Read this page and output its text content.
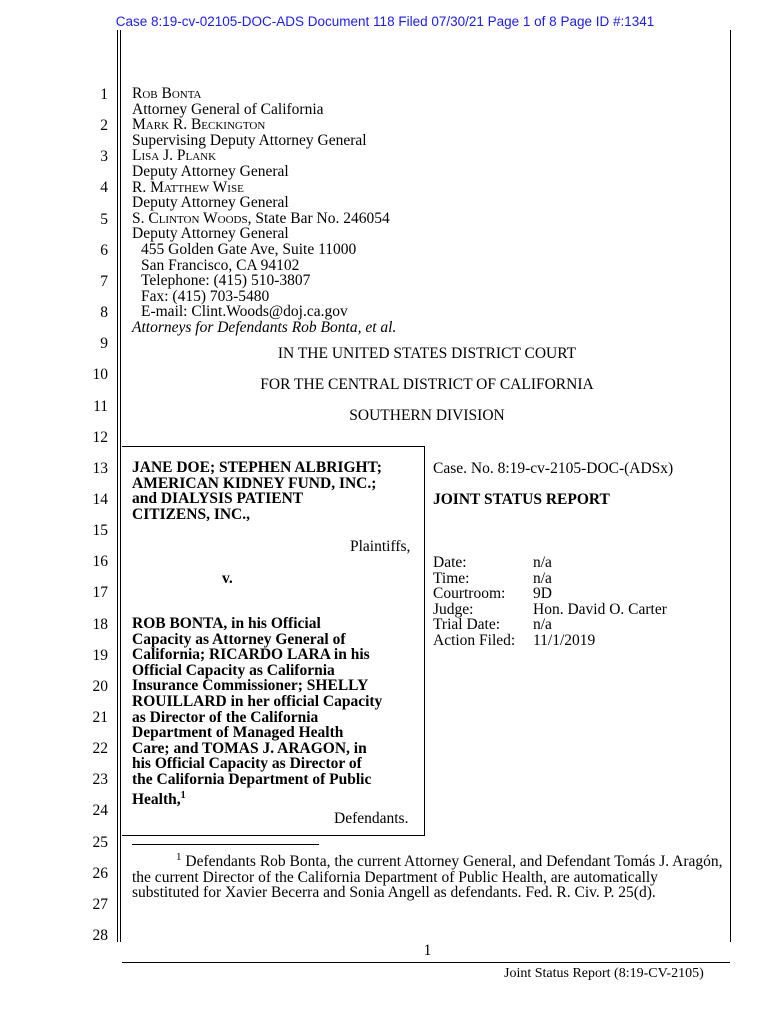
Case 8:19-cv-02105-DOC-ADS Document 118 Filed 07/30/21 Page 1 of 8 Page ID #:1341
1
2
3
4
5
6
7
8
9
10
11
12
13
14
15
16
17
18
19
20
21
22
23
24
25
26
27
28
Rob Bonta
Attorney General of California
Mark R. Beckington
Supervising Deputy Attorney General
Lisa J. Plank
Deputy Attorney General
R. Matthew Wise
Deputy Attorney General
S. Clinton Woods, State Bar No. 246054
Deputy Attorney General
455 Golden Gate Ave, Suite 11000
San Francisco, CA 94102
Telephone: (415) 510-3807
Fax: (415) 703-5480
E-mail: Clint.Woods@doj.ca.gov
Attorneys for Defendants Rob Bonta, et al.
IN THE UNITED STATES DISTRICT COURT
FOR THE CENTRAL DISTRICT OF CALIFORNIA
SOUTHERN DIVISION
JANE DOE; STEPHEN ALBRIGHT;
AMERICAN KIDNEY FUND, INC.;
and DIALYSIS PATIENT
CITIZENS, INC.,
Plaintiffs,
v.
ROB BONTA, in his Official
Capacity as Attorney General of
California; RICARDO LARA in his
Official Capacity as California
Insurance Commissioner; SHELLY
ROUILLARD in her official Capacity
as Director of the California
Department of Managed Health
Care; and TOMAS J. ARAGON, in
his Official Capacity as Director of
the California Department of Public
Health,$^1$
Defendants.
Case. No. 8:19-cv-2105-DOC-(ADSx)
JOINT STATUS REPORT
Date:	n/a
Time:	n/a
Courtroom: 9D
Judge:	Hon. David O. Carter
Trial Date: n/a
Action Filed: 11/1/2019
$^1$ Defendants Rob Bonta, the current Attorney General, and Defendant Tomás J. Aragón, the current Director of the California Department of Public Health, are automatically substituted for Xavier Becerra and Sonia Angell as defendants. Fed. R. Civ. P. 25(d).
1
Joint Status Report (8:19-CV-2105)
